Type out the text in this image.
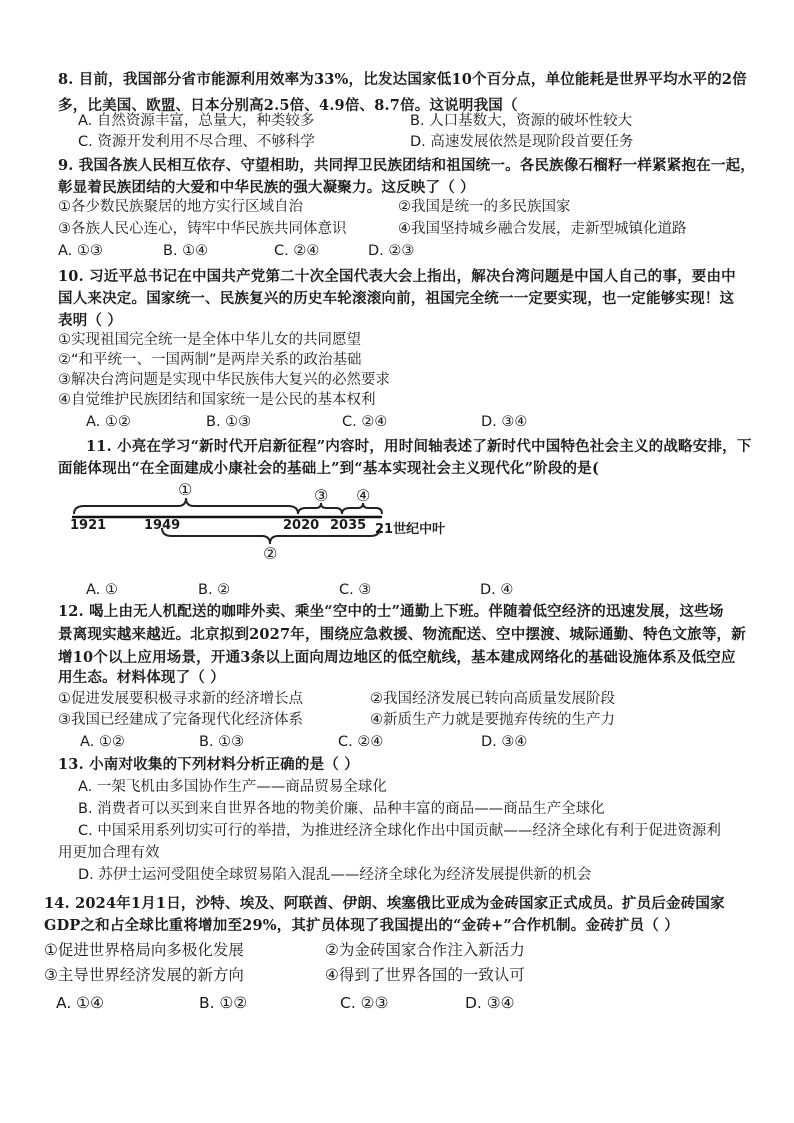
8. 目前，我国部分省市能源利用效率为33%，比发达国家低10个百分点，单位能耗是世界平均水平的2倍
多，比美国、欧盟、日本分别高2.5倍、4.9倍、8.7倍。这说明我国（
A. 自然资源丰富，总量大，种类较多	B. 人口基数大，资源的破坏性较大
C. 资源开发利用不尽合理、不够科学	D. 高速发展依然是现阶段首要任务
9. 我国各族人民相互依存、守望相助，共同捍卫民族团结和祖国统一。各民族像石榴籽一样紧紧抱在一起，
彰显着民族团结的大爱和中华民族的强大凝聚力。这反映了（ ）
①各少数民族聚居的地方实行区域自治	②我国是统一的多民族国家
③各族人民心连心，铸牢中华民族共同体意识	④我国坚持城乡融合发展，走新型城镇化道路
A. ①③	B. ①④	C. ②④	D. ②③
10. 习近平总书记在中国共产党第二十次全国代表大会上指出，解决台湾问题是中国人自己的事，要由中
国人来决定。国家统一、民族复兴的历史车轮滚滚向前，祖国完全统一一定要实现，也一定能够实现！这
表明（ ）
①实现祖国完全统一是全体中华儿女的共同愿望
②“和平统一、一国两制”是两岸关系的政治基础
③解决台湾问题是实现中华民族伟大复兴的必然要求
④自觉维护民族团结和国家统一是公民的基本权利
A. ①②	B. ①③	C. ②④	D. ③④
11. 小亮在学习“新时代开启新征程”内容时，用时间轴表述了新时代中国特色社会主义的战略安排，下
面能体现出“在全面建成小康社会的基础上”到“基本实现社会主义现代化”阶段的是(
1921	1949	2020 2035 21世纪中叶
①	③ ④
②
A. ①	B. ②	C. ③	D. ④
12. 喝上由无人机配送的咖啡外卖、乘坐“空中的士”通勤上下班。伴随着低空经济的迅速发展，这些场
景离现实越来越近。北京拟到2027年，围绕应急救援、物流配送、空中摆渡、城际通勤、特色文旅等，新
增10个以上应用场景，开通3条以上面向周边地区的低空航线，基本建成网络化的基础设施体系及低空应
用生态。材料体现了（ ）
①促进发展要积极寻求新的经济增长点	②我国经济发展已转向高质量发展阶段
③我国已经建成了完备现代化经济体系	④新质生产力就是要抛弃传统的生产力
A. ①②	B. ①③	C. ②④	D. ③④
13. 小南对收集的下列材料分析正确的是（ ）
A. 一架飞机由多国协作生产——商品贸易全球化
B. 消费者可以买到来自世界各地的物美价廉、品种丰富的商品——商品生产全球化
C. 中国采用系列切实可行的举措，为推进经济全球化作出中国贡献——经济全球化有利于促进资源利
用更加合理有效
D. 苏伊士运河受阻使全球贸易陷入混乱——经济全球化为经济发展提供新的机会
14. 2024年1月1日，沙特、埃及、阿联酋、伊朗、埃塞俄比亚成为金砖国家正式成员。扩员后金砖国家
GDP之和占全球比重将增加至29%，其扩员体现了我国提出的“金砖+”合作机制。金砖扩员（ ）
①促进世界格局向多极化发展	②为金砖国家合作注入新活力
③主导世界经济发展的新方向	④得到了世界各国的一致认可
A. ①④	B. ①②	C. ②③	D. ③④
